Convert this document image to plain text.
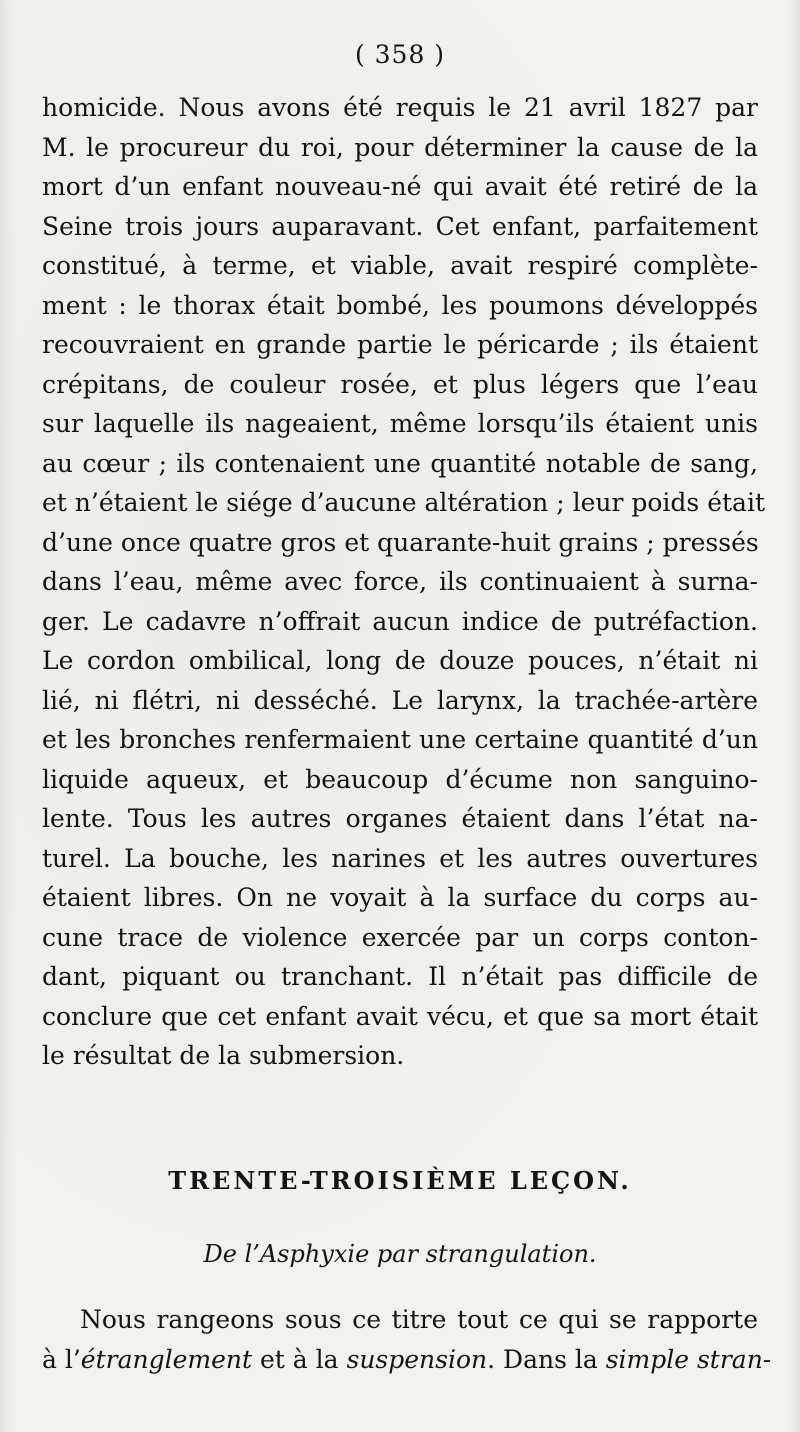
( 358 )
homicide. Nous avons été requis le 21 avril 1827 par
M. le procureur du roi, pour déterminer la cause de la
mort d’un enfant nouveau-né qui avait été retiré de la
Seine trois jours auparavant. Cet enfant, parfaitement
constitué, à terme, et viable, avait respiré complète-
ment : le thorax était bombé, les poumons développés
recouvraient en grande partie le péricarde ; ils étaient
crépitans, de couleur rosée, et plus légers que l’eau
sur laquelle ils nageaient, même lorsqu’ils étaient unis
au cœur ; ils contenaient une quantité notable de sang,
et n’étaient le siége d’aucune altération ; leur poids était
d’une once quatre gros et quarante-huit grains ; pressés
dans l’eau, même avec force, ils continuaient à surna-
ger. Le cadavre n’offrait aucun indice de putréfaction.
Le cordon ombilical, long de douze pouces, n’était ni
lié, ni flétri, ni desséché. Le larynx, la trachée-artère
et les bronches renfermaient une certaine quantité d’un
liquide aqueux, et beaucoup d’écume non sanguino-
lente. Tous les autres organes étaient dans l’état na-
turel. La bouche, les narines et les autres ouvertures
étaient libres. On ne voyait à la surface du corps au-
cune trace de violence exercée par un corps conton-
dant, piquant ou tranchant. Il n’était pas difficile de
conclure que cet enfant avait vécu, et que sa mort était
le résultat de la submersion.
TRENTE-TROISIÈME LEÇON.
De l’Asphyxie par strangulation.
Nous rangeons sous ce titre tout ce qui se rapporte
à l’étranglement et à la suspension. Dans la simple stran-
